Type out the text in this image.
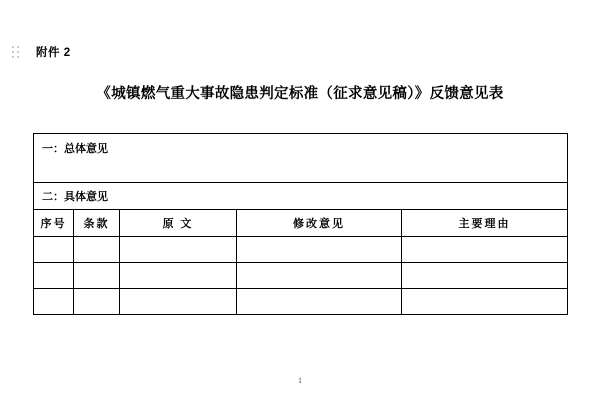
附件 2
《城镇燃气重大事故隐患判定标准（征求意见稿）》反馈意见表
一：总体意见				
二：具体意见				
序号	条款	原 文	修改意见	主要理由

1
